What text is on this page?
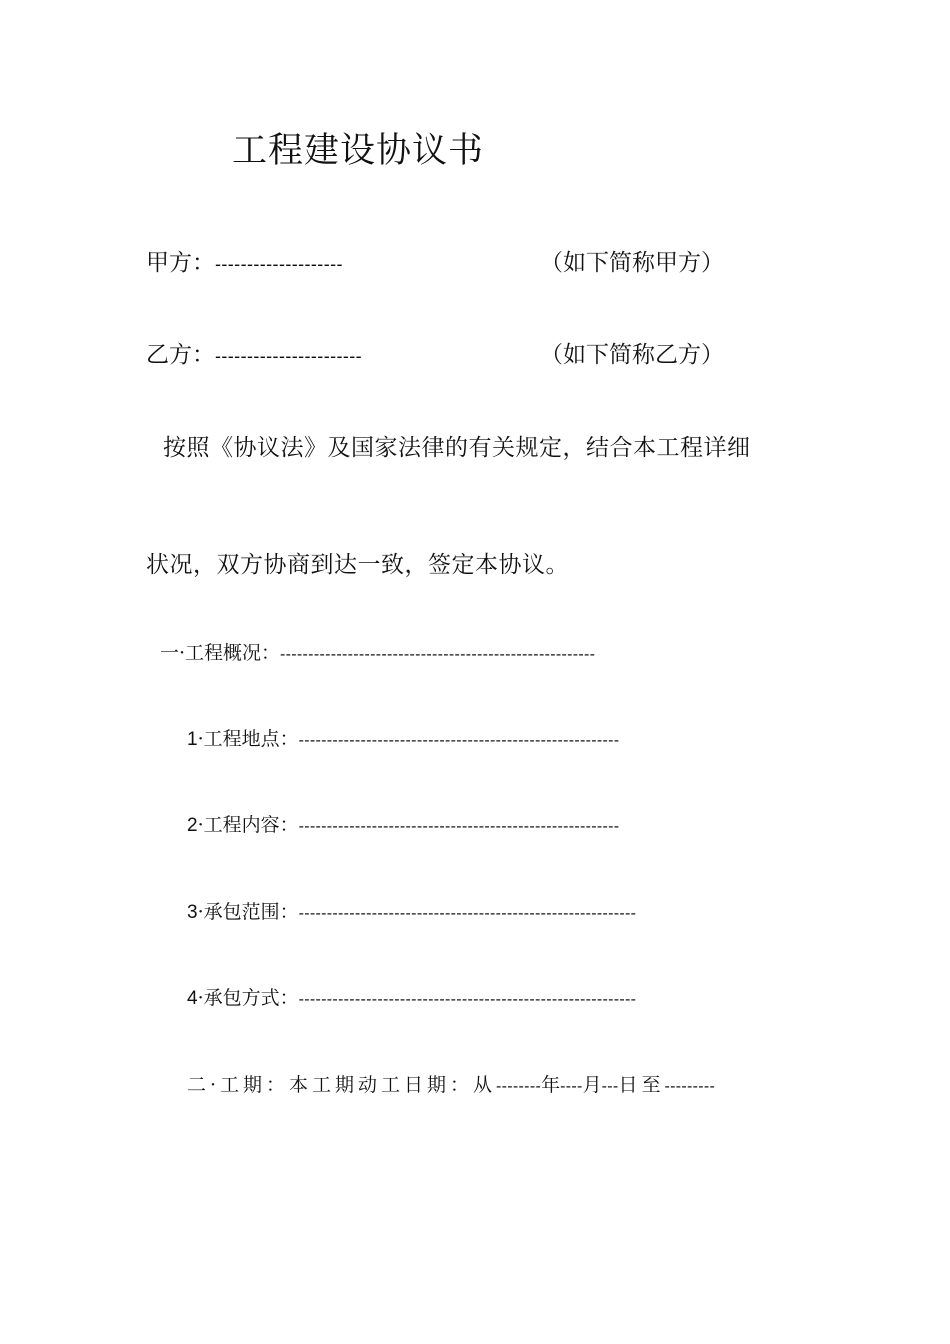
工程建设协议书
甲方：--------------------	（如下简称甲方）
乙方：-----------------------	（如下简称乙方）
按照《协议法》及国家法律的有关规定，结合本工程详细
状况，双方协商到达一致，签定本协议。
一·工程概况：--------------------------------------------------------
1·工程地点：---------------------------------------------------------
2·工程内容：---------------------------------------------------------
3·承包范围：------------------------------------------------------------
4·承包方式：------------------------------------------------------------
二·工期：本工期动工日期：从--------年----月---日至---------
